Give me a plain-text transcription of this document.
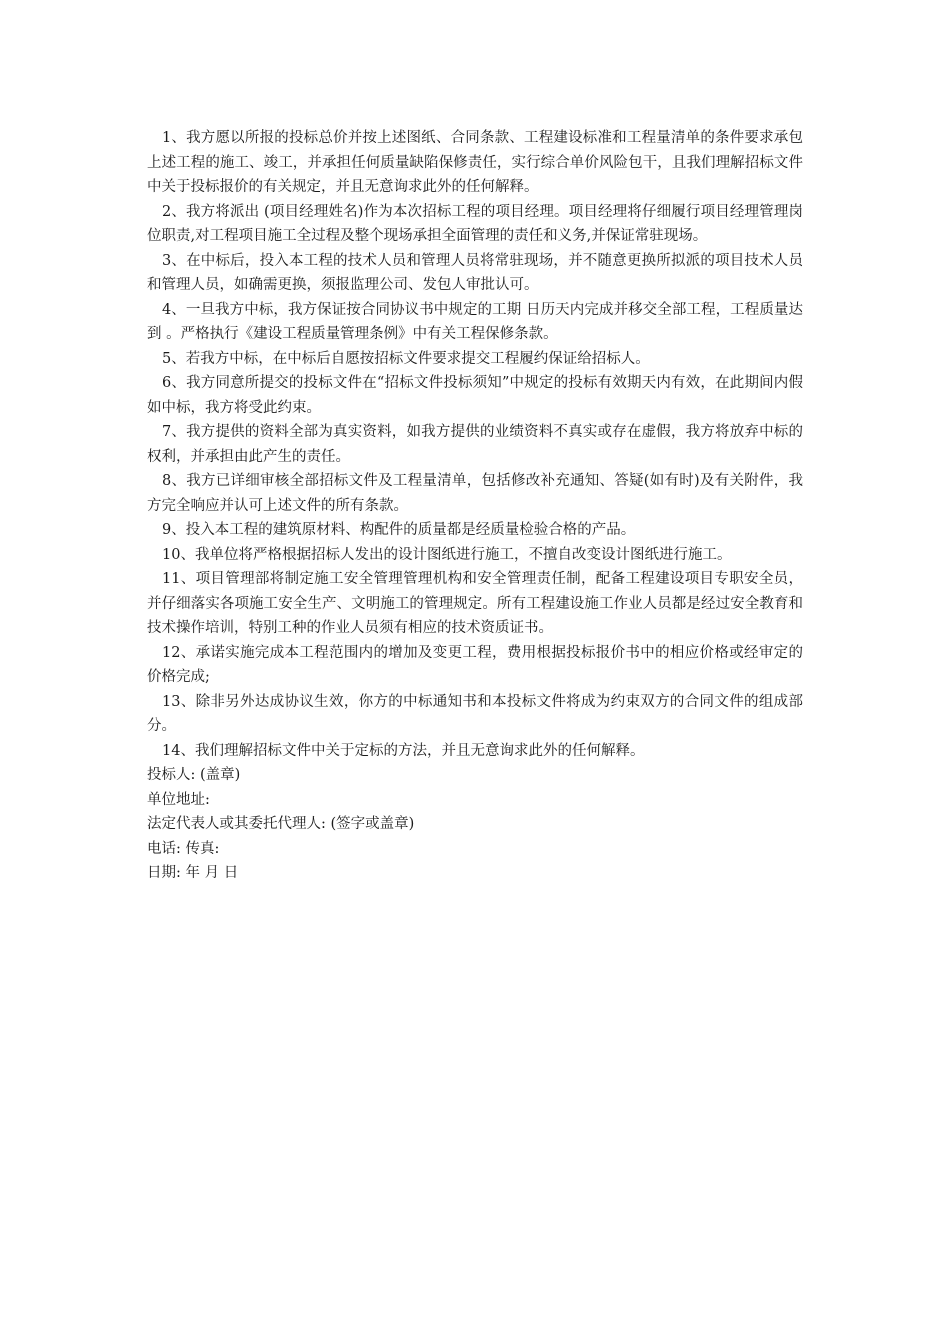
1、我方愿以所报的投标总价并按上述图纸、合同条款、工程建设标准和工程量清单的条件要求承包上述工程的施工、竣工，并承担任何质量缺陷保修责任，实行综合单价风险包干，且我们理解招标文件中关于投标报价的有关规定，并且无意询求此外的任何解释。

2、我方将派出 (项目经理姓名)作为本次招标工程的项目经理。项目经理将仔细履行项目经理管理岗位职责,对工程项目施工全过程及整个现场承担全面管理的责任和义务,并保证常驻现场。

3、在中标后，投入本工程的技术人员和管理人员将常驻现场，并不随意更换所拟派的项目技术人员和管理人员，如确需更换，须报监理公司、发包人审批认可。

4、一旦我方中标，我方保证按合同协议书中规定的工期 日历天内完成并移交全部工程，工程质量达到 。严格执行《建设工程质量管理条例》中有关工程保修条款。

5、若我方中标，在中标后自愿按招标文件要求提交工程履约保证给招标人。

6、我方同意所提交的投标文件在“招标文件投标须知”中规定的投标有效期天内有效，在此期间内假如中标，我方将受此约束。

7、我方提供的资料全部为真实资料，如我方提供的业绩资料不真实或存在虚假，我方将放弃中标的权利，并承担由此产生的责任。

8、我方已详细审核全部招标文件及工程量清单，包括修改补充通知、答疑(如有时)及有关附件，我方完全响应并认可上述文件的所有条款。

9、投入本工程的建筑原材料、构配件的质量都是经质量检验合格的产品。

10、我单位将严格根据招标人发出的设计图纸进行施工，不擅自改变设计图纸进行施工。

11、项目管理部将制定施工安全管理管理机构和安全管理责任制，配备工程建设项目专职安全员，并仔细落实各项施工安全生产、文明施工的管理规定。所有工程建设施工作业人员都是经过安全教育和技术操作培训，特别工种的作业人员须有相应的技术资质证书。

12、承诺实施完成本工程范围内的增加及变更工程，费用根据投标报价书中的相应价格或经审定的价格完成;

13、除非另外达成协议生效，你方的中标通知书和本投标文件将成为约束双方的合同文件的组成部分。

14、我们理解招标文件中关于定标的方法，并且无意询求此外的任何解释。

投标人: (盖章)

单位地址:

法定代表人或其委托代理人: (签字或盖章)

电话: 传真:

日期: 年 月 日
